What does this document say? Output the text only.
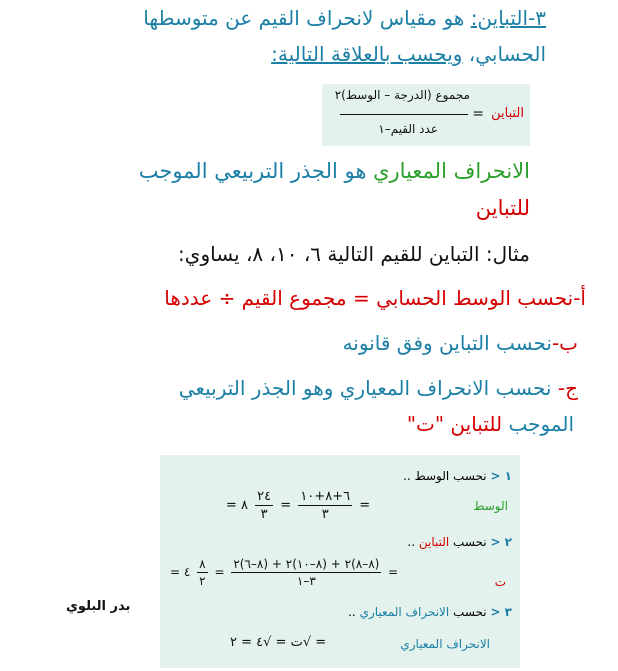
٣-التباين: هو مقياس لانحراف القيم عن متوسطها
الحسابي، ويحسب بالعلاقة التالية:
التباين
=
مجموع (الدرجة – الوسط)٢
عدد القيم–١
الانحراف المعياري هو الجذر التربيعي الموجب
للتباين
مثال: التباين للقيم التالية ٦، ١٠، ٨، يساوي:
أ-نحسب الوسط الحسابي = مجموع القيم ÷ عددها
ب-نحسب التباين وفق قانونه
ج- نحسب الانحراف المعياري وهو الجذر التربيعي
الموجب للتباين "ت"
١ < نحسب الوسط ..
الوسط
= ٨ $\frac{٢٤}{٣} = \frac{٦+٨+١٠}{٣}$ =
٢ < نحسب التباين ..
ت
= ٤ $\frac{٨}{٢} = \frac{(٨-٨)٢ + (٨-١٠)٢ + (٨-٦)٢}{٣-١}$ =
٣ < نحسب الانحراف المعياري ..
الانحراف المعياري
= √ت = √٤ = ٢
بدر البلوي
